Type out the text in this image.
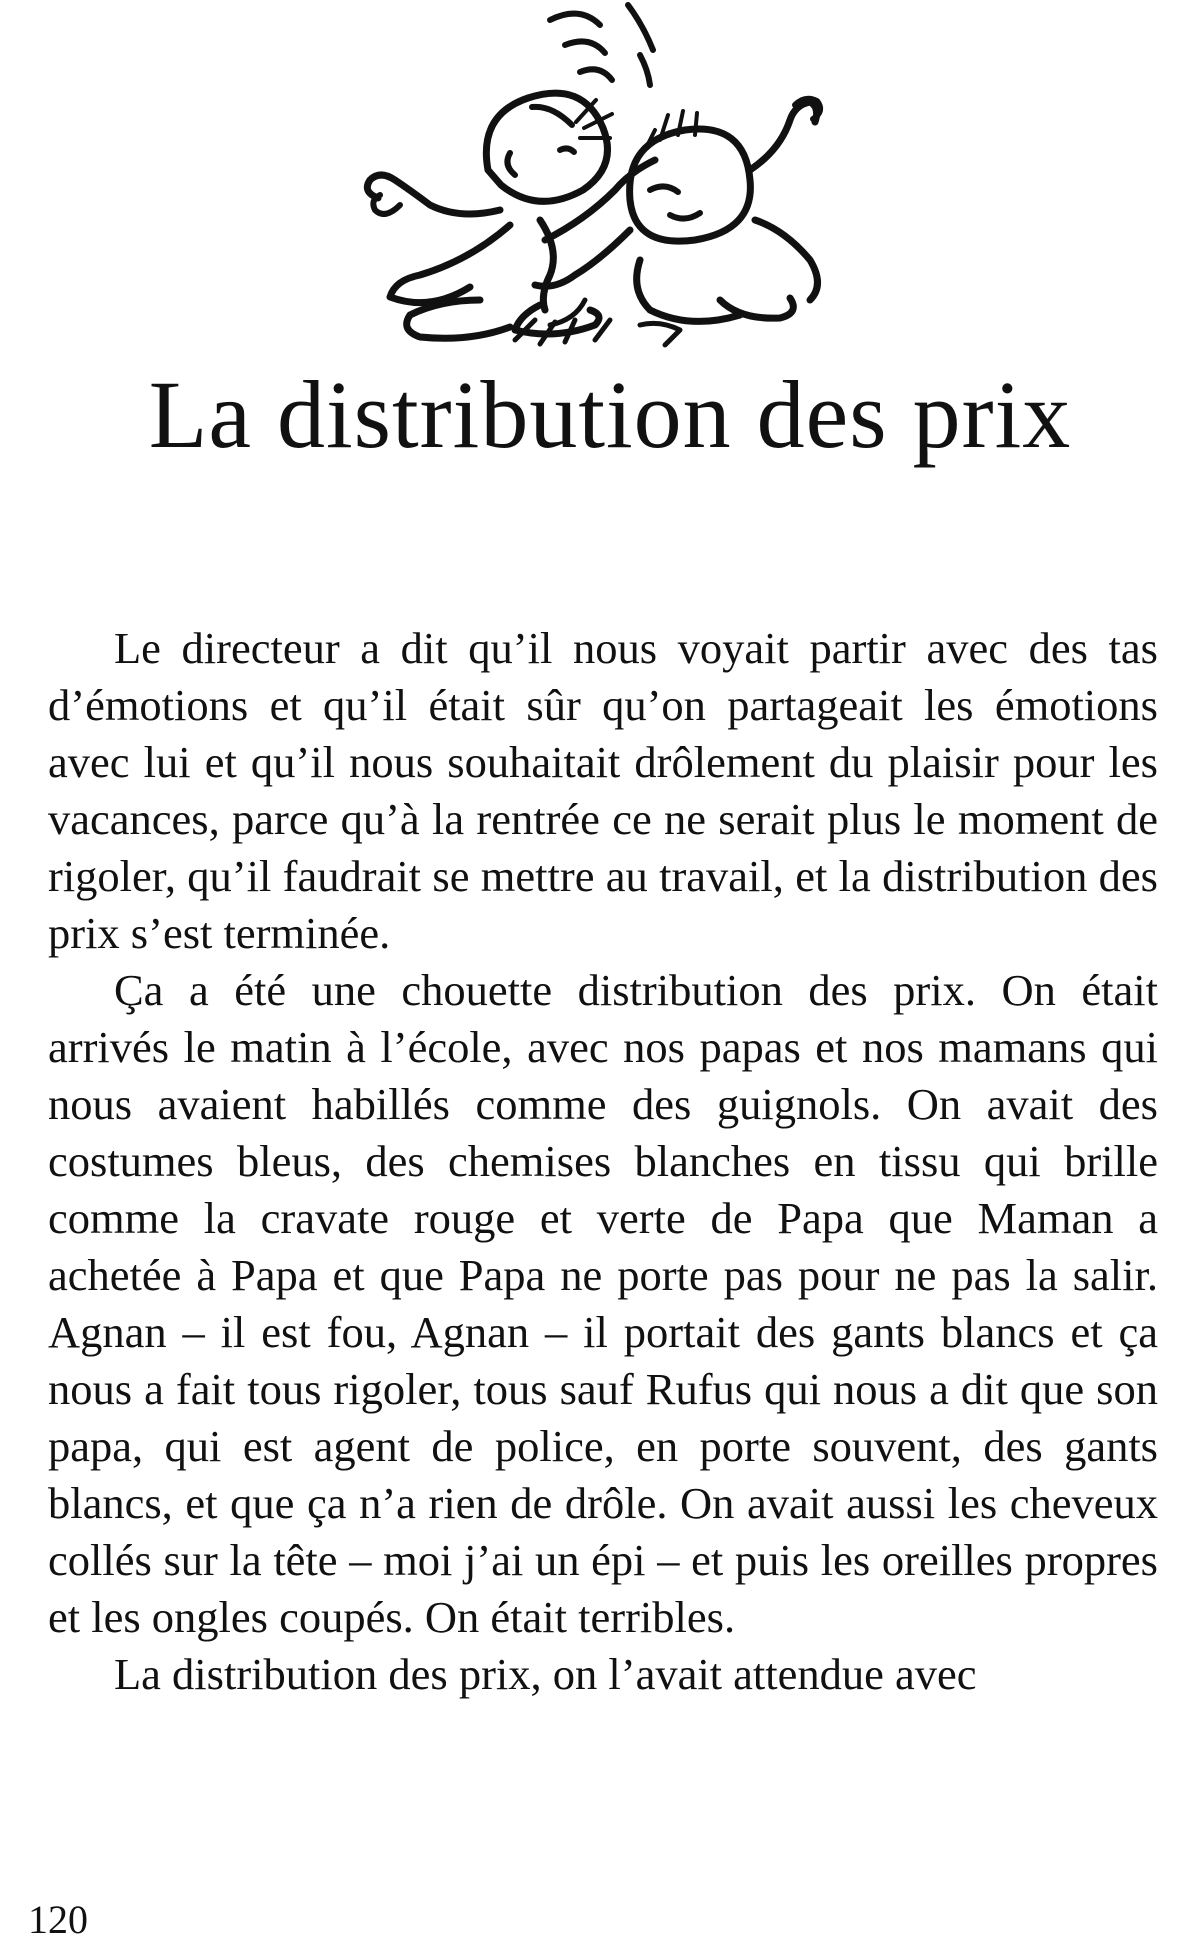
La distribution des prix

Le directeur a dit qu’il nous voyait partir avec des tas d’émotions et qu’il était sûr qu’on partageait les émotions avec lui et qu’il nous souhaitait drôlement du plaisir pour les vacances, parce qu’à la rentrée ce ne serait plus le moment de rigoler, qu’il faudrait se mettre au travail, et la distribution des prix s’est terminée.

Ça a été une chouette distribution des prix. On était arrivés le matin à l’école, avec nos papas et nos mamans qui nous avaient habillés comme des guignols. On avait des costumes bleus, des chemises blanches en tissu qui brille comme la cravate rouge et verte de Papa que Maman a achetée à Papa et que Papa ne porte pas pour ne pas la salir. Agnan – il est fou, Agnan – il portait des gants blancs et ça nous a fait tous rigoler, tous sauf Rufus qui nous a dit que son papa, qui est agent de police, en porte souvent, des gants blancs, et que ça n’a rien de drôle. On avait aussi les cheveux collés sur la tête – moi j’ai un épi – et puis les oreilles propres et les ongles coupés. On était terribles.

La distribution des prix, on l’avait attendue avec

120
